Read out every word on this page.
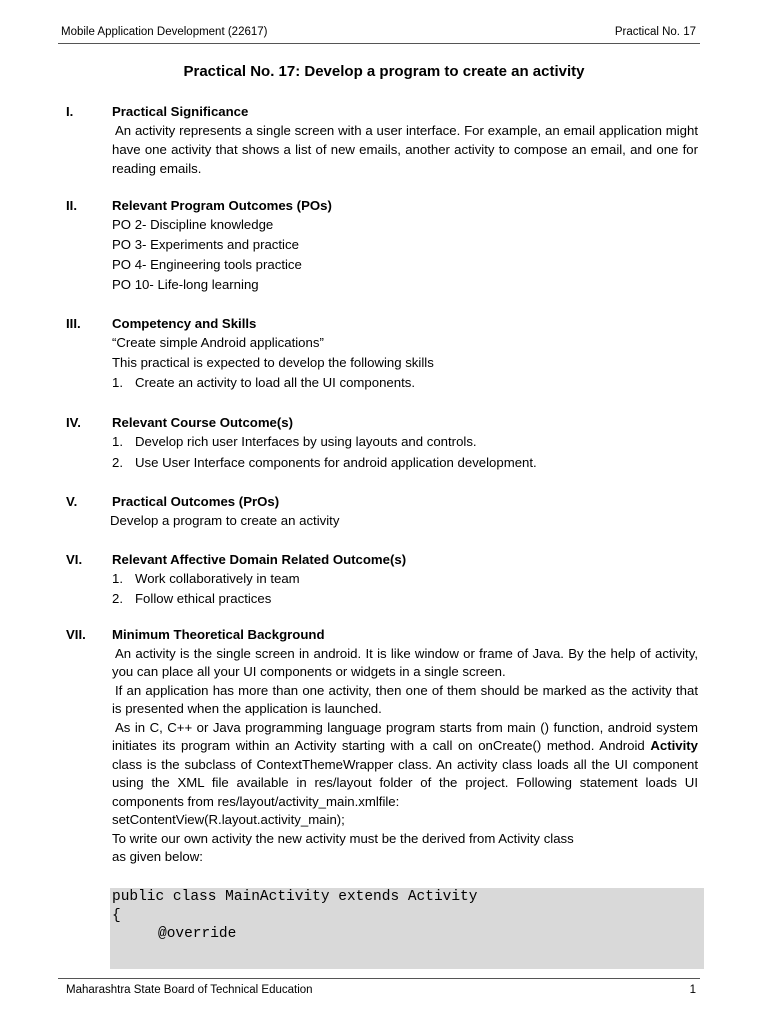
Mobile Application Development (22617)	Practical No. 17
Practical No. 17: Develop a program to create an activity
I.	Practical Significance
An activity represents a single screen with a user interface. For example, an email application might have one activity that shows a list of new emails, another activity to compose an email, and one for reading emails.
II.	Relevant Program Outcomes (POs)
PO 2- Discipline knowledge
PO 3- Experiments and practice
PO 4- Engineering tools practice
PO 10- Life-long learning
III. Competency and Skills
“Create simple Android applications”
This practical is expected to develop the following skills
1. Create an activity to load all the UI components.
IV. Relevant Course Outcome(s)
1. Develop rich user Interfaces by using layouts and controls.
2. Use User Interface components for android application development.
V.	Practical Outcomes (PrOs)
Develop a program to create an activity
VI. Relevant Affective Domain Related Outcome(s)
1. Work collaboratively in team
2. Follow ethical practices
VII. Minimum Theoretical Background
An activity is the single screen in android. It is like window or frame of Java. By the help of activity, you can place all your UI components or widgets in a single screen.
If an application has more than one activity, then one of them should be marked as the activity that is presented when the application is launched.
As in C, C++ or Java programming language program starts from main () function, android system initiates its program within an Activity starting with a call on onCreate() method. Android Activity class is the subclass of ContextThemeWrapper class. An activity class loads all the UI component using the XML file available in res/layout folder of the project. Following statement loads UI components from res/layout/activity_main.xmlfile:
setContentView(R.layout.activity_main);
To write our own activity the new activity must be the derived from Activity class
as given below:
public class MainActivity extends Activity
{
@override
Maharashtra State Board of Technical Education	1
